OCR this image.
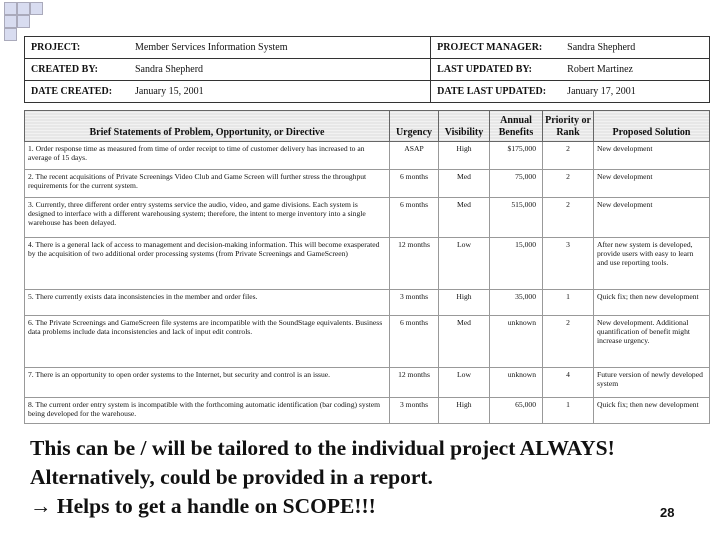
PROJECT:	Member Services Information System	PROJECT MANAGER:	Sandra Shepherd
CREATED BY:	Sandra Shepherd	LAST UPDATED BY:	Robert Martinez
DATE CREATED:	January 15, 2001	DATE LAST UPDATED:	January 17, 2001
Brief Statements of Problem, Opportunity, or Directive	Urgency	Visibility	Annual Benefits	Priority or Rank	Proposed Solution
1. Order response time as measured from time of order receipt to time of customer delivery has increased to an average of 15 days.	ASAP	High	$175,000	2	New development
2. The recent acquisitions of Private Screenings Video Club and Game Screen will further stress the throughput requirements for the current system.	6 months	Med	75,000	2	New development
3. Currently, three different order entry systems service the audio, video, and game divisions. Each system is designed to interface with a different warehousing system; therefore, the intent to merge inventory into a single warehouse has been delayed.	6 months	Med	515,000	2	New development
4. There is a general lack of access to management and decision-making information. This will become exasperated by the acquisition of two additional order processing systems (from Private Screenings and GameScreen)	12 months	Low	15,000	3	After new system is developed, provide users with easy to learn and use reporting tools.
5. There currently exists data inconsistencies in the member and order files.	3 months	High	35,000	1	Quick fix; then new development
6. The Private Screenings and GameScreen file systems are incompatible with the SoundStage equivalents. Business data problems include data inconsistencies and lack of input edit controls.	6 months	Med	unknown	2	New development. Additional quantification of benefit might increase urgency.
7. There is an opportunity to open order systems to the Internet, but security and control is an issue.	12 months	Low	unknown	4	Future version of newly developed system
8. The current order entry system is incompatible with the forthcoming automatic identification (bar coding) system being developed for the warehouse.	3 months	High	65,000	1	Quick fix; then new development
This can be / will be tailored to the individual project ALWAYS!
Alternatively, could be provided in a report.
→ Helps to get a handle on SCOPE!!!	28
